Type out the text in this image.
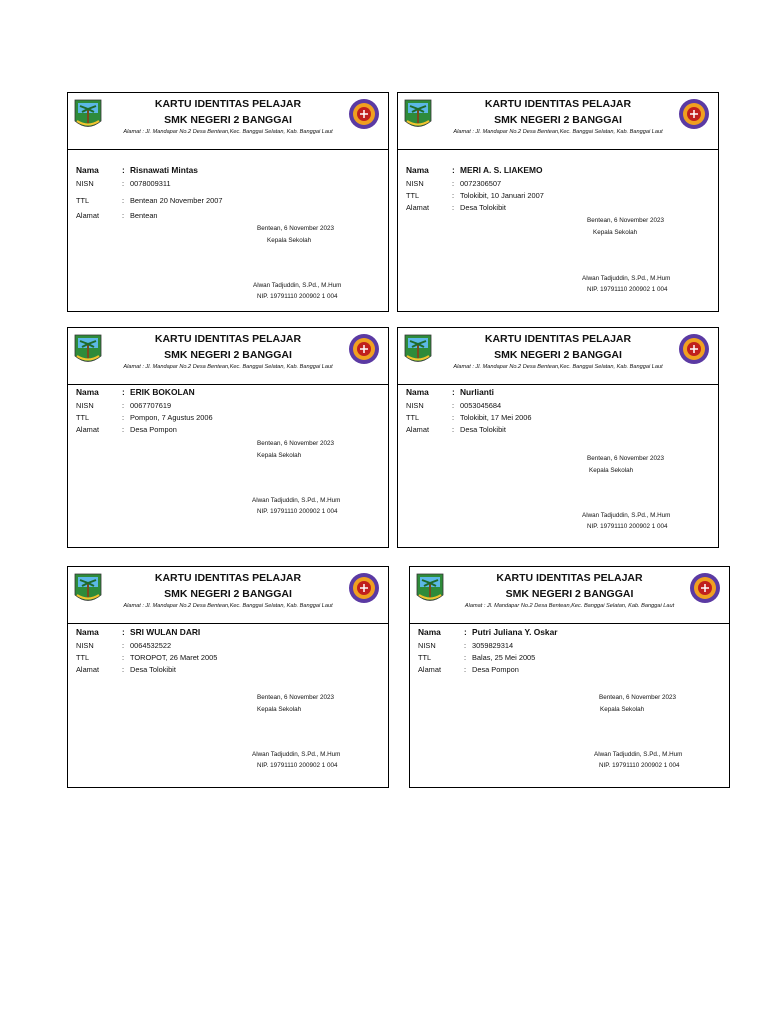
KARTU IDENTITAS PELAJAR
SMK NEGERI 2 BANGGAI
Alamat : Jl. Mandapar No.2 Desa Bentean,Kec. Banggai Selatan, Kab. Banggai Laut
Nama	: Risnawati Mintas
NISN	: 0078009311
TTL	: Bentean 20 November 2007
Alamat	: Bentean
Bentean, 6 November 2023
Kepala Sekolah
Alwan Tadjuddin, S.Pd., M.Hum
NIP. 19791110 200902 1 004
KARTU IDENTITAS PELAJAR
SMK NEGERI 2 BANGGAI
Alamat : Jl. Mandapar No.2 Desa Bentean,Kec. Banggai Selatan, Kab. Banggai Laut
Nama	: MERI A. S. LIAKEMO
NISN	: 0072306507
TTL	: Tolokibit, 10 Januari 2007
Alamat	: Desa Tolokibit
Bentean, 6 November 2023
Kepala Sekolah
Alwan Tadjuddin, S.Pd., M.Hum
NIP. 19791110 200902 1 004
KARTU IDENTITAS PELAJAR
SMK NEGERI 2 BANGGAI
Alamat : Jl. Mandapar No.2 Desa Bentean,Kec. Banggai Selatan, Kab. Banggai Laut
Nama	: ERIK BOKOLAN
NISN	: 0067707619
TTL	: Pompon, 7 Agustus 2006
Alamat	: Desa Pompon
Bentean, 6 November 2023
Kepala Sekolah
Alwan Tadjuddin, S.Pd., M.Hum
NIP. 19791110 200902 1 004
KARTU IDENTITAS PELAJAR
SMK NEGERI 2 BANGGAI
Alamat : Jl. Mandapar No.2 Desa Bentean,Kec. Banggai Selatan, Kab. Banggai Laut
Nama	: Nurlianti
NISN	: 0053045684
TTL	: Tolokibit, 17 Mei 2006
Alamat	: Desa Tolokibit
Bentean, 6 November 2023
Kepala Sekolah
Alwan Tadjuddin, S.Pd., M.Hum
NIP. 19791110 200902 1 004
KARTU IDENTITAS PELAJAR
SMK NEGERI 2 BANGGAI
Alamat : Jl. Mandapar No.2 Desa Bentean,Kec. Banggai Selatan, Kab. Banggai Laut
Nama	: SRI WULAN DARI
NISN	: 0064532522
TTL	: TOROPOT, 26 Maret 2005
Alamat	: Desa Tolokibit
Bentean, 6 November 2023
Kepala Sekolah
Alwan Tadjuddin, S.Pd., M.Hum
NIP. 19791110 200902 1 004
KARTU IDENTITAS PELAJAR
SMK NEGERI 2 BANGGAI
Alamat : Jl. Mandapar No.2 Desa Bentean,Kec. Banggai Selatan, Kab. Banggai Laut
Nama	: Putri Juliana Y. Oskar
NISN	: 3059829314
TTL	: Balas, 25 Mei 2005
Alamat	: Desa Pompon
Bentean, 6 November 2023
Kepala Sekolah
Alwan Tadjuddin, S.Pd., M.Hum
NIP. 19791110 200902 1 004
